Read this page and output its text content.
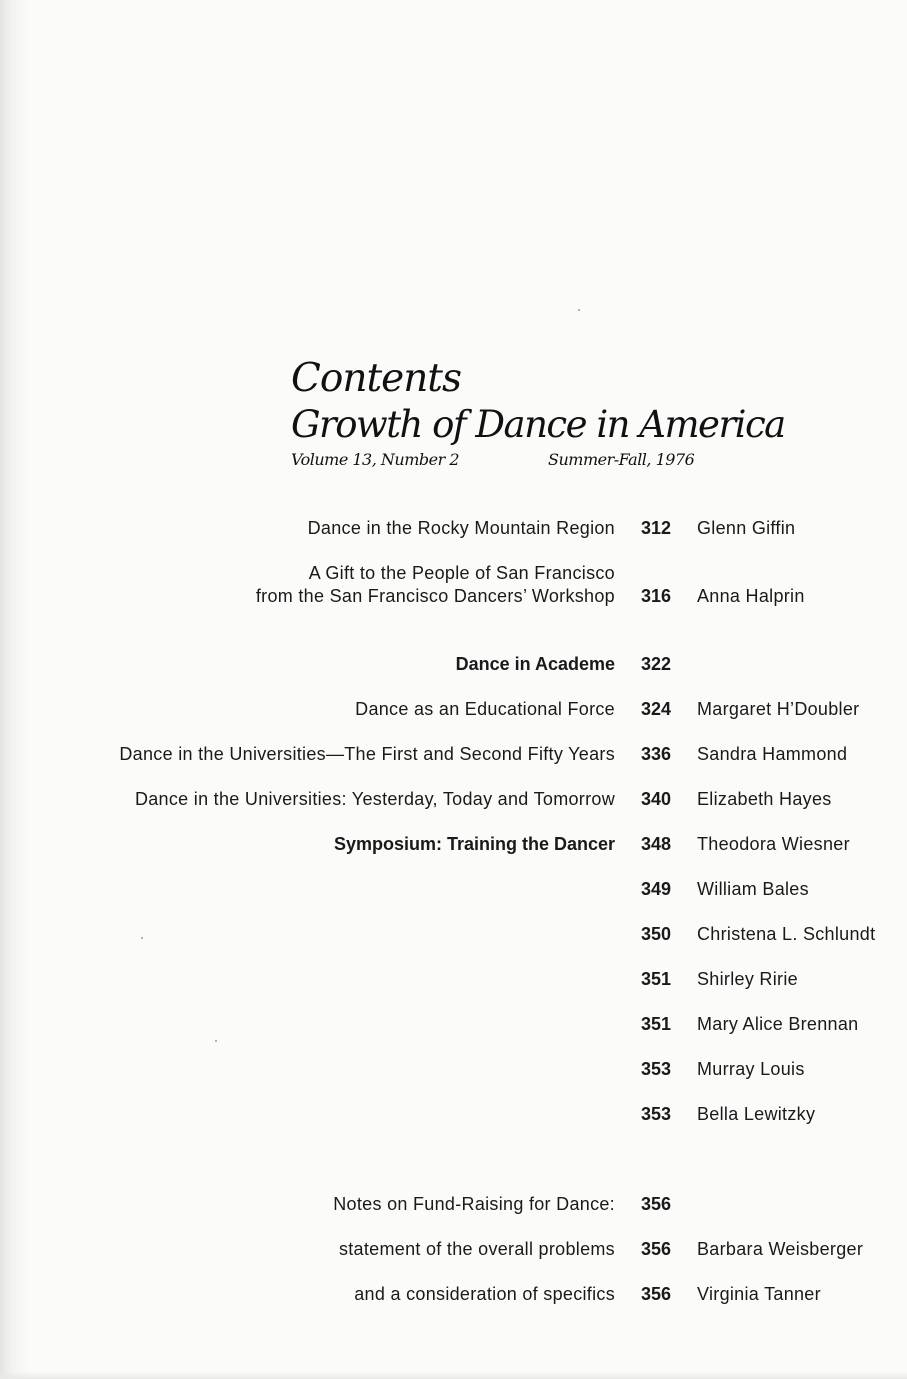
Contents
Growth of Dance in America
Volume 13, Number 2	Summer-Fall, 1976
Dance in the Rocky Mountain Region 312 Glenn Giffin
A Gift to the People of San Francisco
from the San Francisco Dancers’ Workshop 316 Anna Halprin
Dance in Academe 322
Dance as an Educational Force 324 Margaret H’Doubler
Dance in the Universities—The First and Second Fifty Years 336 Sandra Hammond
Dance in the Universities: Yesterday, Today and Tomorrow 340 Elizabeth Hayes
Symposium: Training the Dancer 348 Theodora Wiesner
349 William Bales
350 Christena L. Schlundt
351 Shirley Ririe
351 Mary Alice Brennan
353 Murray Louis
353 Bella Lewitzky
Notes on Fund-Raising for Dance: 356
statement of the overall problems 356 Barbara Weisberger
and a consideration of specifics 356 Virginia Tanner
